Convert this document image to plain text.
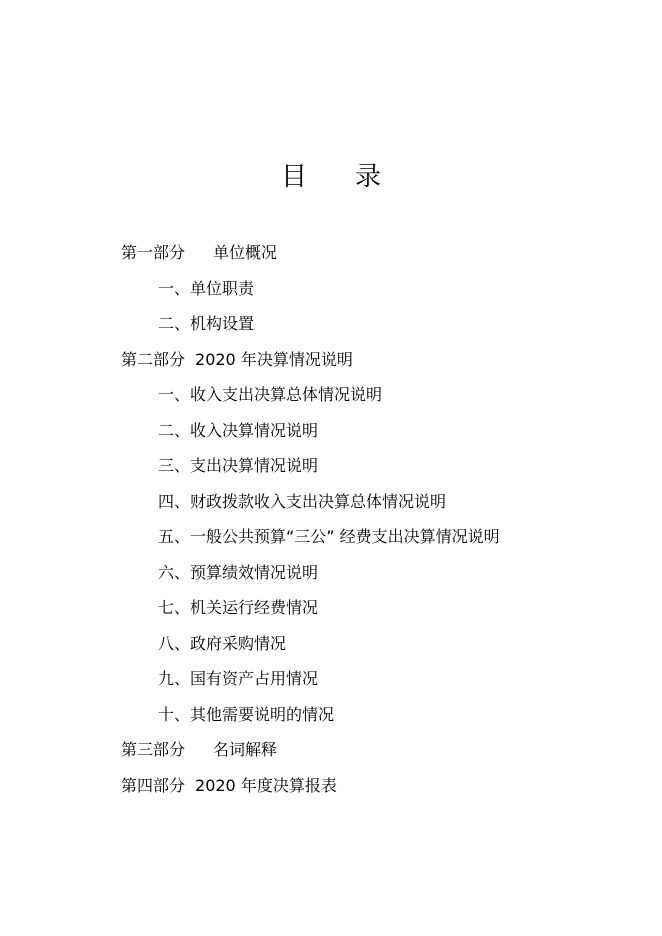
目 录
第一部分 单位概况
一、单位职责
二、机构设置
第二部分 2020 年决算情况说明
一、收入支出决算总体情况说明
二、收入决算情况说明
三、支出决算情况说明
四、财政拨款收入支出决算总体情况说明
五、一般公共预算“三公” 经费支出决算情况说明
六、预算绩效情况说明
七、机关运行经费情况
八、政府采购情况
九、国有资产占用情况
十、其他需要说明的情况
第三部分 名词解释
第四部分 2020 年度决算报表
